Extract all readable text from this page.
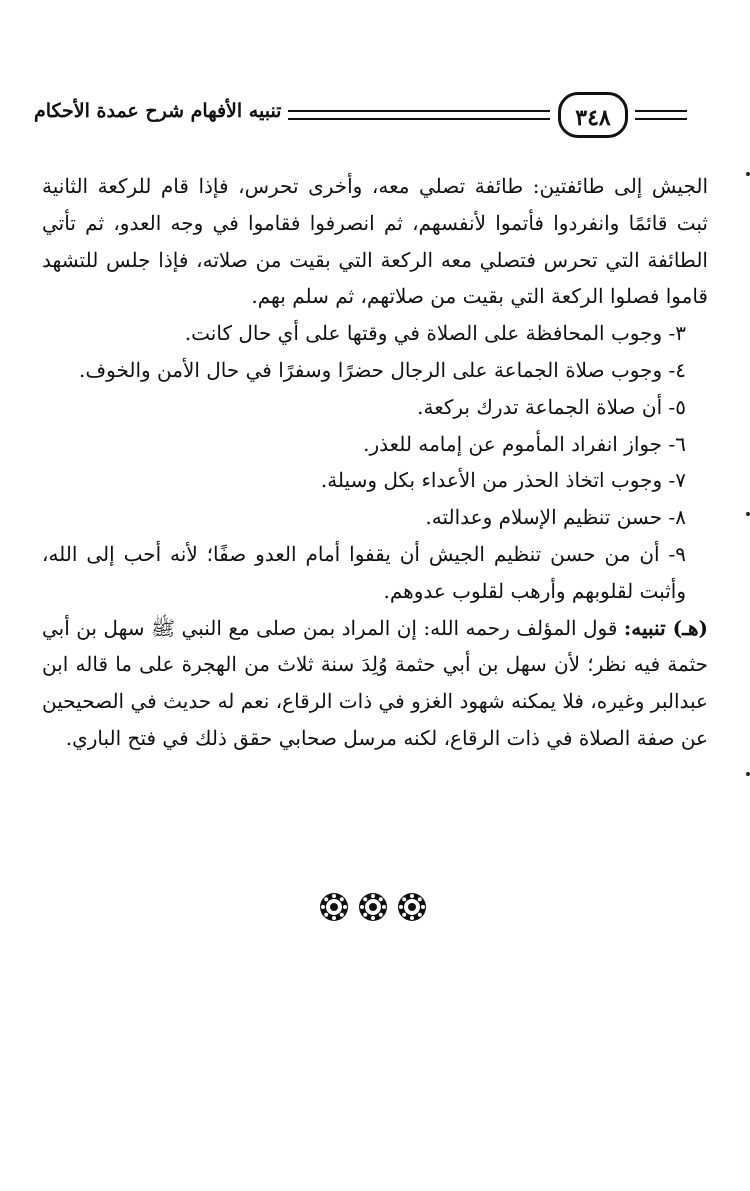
تنبيه الأفهام شرح عمدة الأحكام	٣٤٨

الجيش إلى طائفتين: طائفة تصلي معه، وأخرى تحرس، فإذا قام للركعة الثانية ثبت قائمًا وانفردوا فأتموا لأنفسهم، ثم انصرفوا فقاموا في وجه العدو، ثم تأتي الطائفة التي تحرس فتصلي معه الركعة التي بقيت من صلاته، فإذا جلس للتشهد قاموا فصلوا الركعة التي بقيت من صلاتهم، ثم سلم بهم.

٣- وجوب المحافظة على الصلاة في وقتها على أي حال كانت.
٤- وجوب صلاة الجماعة على الرجال حضرًا وسفرًا في حال الأمن والخوف.
٥- أن صلاة الجماعة تدرك بركعة.
٦- جواز انفراد المأموم عن إمامه للعذر.
٧- وجوب اتخاذ الحذر من الأعداء بكل وسيلة.
٨- حسن تنظيم الإسلام وعدالته.
٩- أن من حسن تنظيم الجيش أن يقفوا أمام العدو صفًا؛ لأنه أحب إلى الله، وأثبت لقلوبهم وأرهب لقلوب عدوهم.

(هـ) تنبيه: قول المؤلف رحمه الله: إن المراد بمن صلى مع النبي ﷺ سهل بن أبي حثمة فيه نظر؛ لأن سهل بن أبي حثمة وُلِدَ سنة ثلاث من الهجرة على ما قاله ابن عبدالبر وغيره، فلا يمكنه شهود الغزو في ذات الرقاع، نعم له حديث في الصحيحين عن صفة الصلاة في ذات الرقاع، لكنه مرسل صحابي حقق ذلك في فتح الباري.
